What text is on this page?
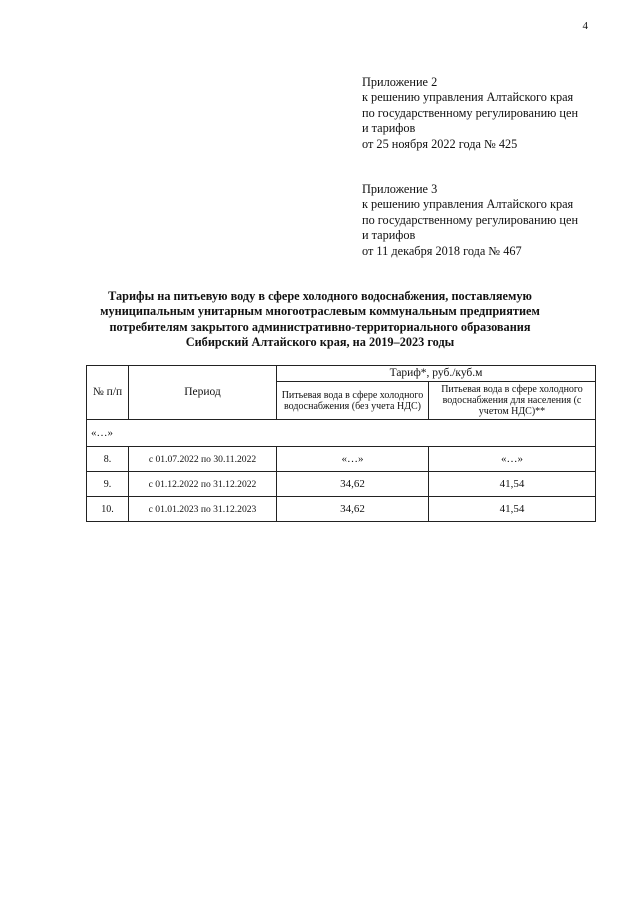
4
Приложение 2
к решению управления Алтайского края
по государственному регулированию цен
и тарифов
от 25 ноября 2022 года № 425
Приложение 3
к решению управления Алтайского края
по государственному регулированию цен
и тарифов
от 11 декабря 2018 года № 467
Тарифы на питьевую воду в сфере холодного водоснабжения, поставляемую
муниципальным унитарным многоотраслевым коммунальным предприятием
потребителям закрытого административно-территориального образования
Сибирский Алтайского края, на 2019–2023 годы
№ п/п	Период	Тариф*, руб./куб.м	
		Питьевая вода в сфере холодного водоснабжения (без учета НДС)	Питьевая вода в сфере холодного водоснабжения для населения (с учетом НДС)**
«…»			
8.	с 01.07.2022 по 30.11.2022	«…»	«…»
9.	с 01.12.2022 по 31.12.2022	34,62	41,54
10.	с 01.01.2023 по 31.12.2023	34,62	41,54
